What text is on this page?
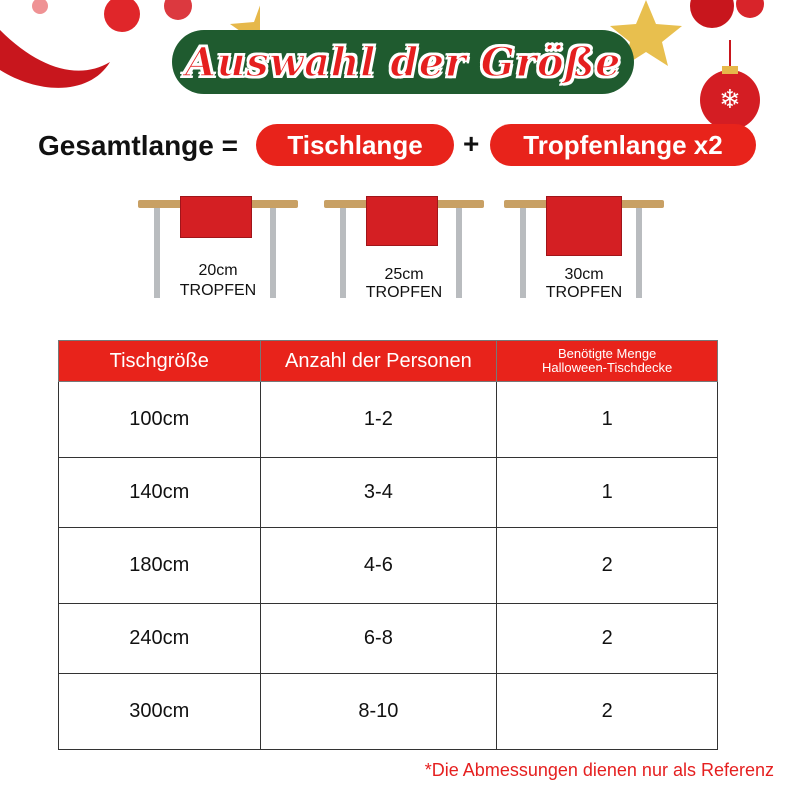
❄
Auswahl der Größe
Gesamtlange =	Tischlange	+	Tropfenlange x2
20cm
TROPFEN
25cm
TROPFEN
30cm
TROPFEN
Tischgröße	Anzahl der Personen	Benötigte Menge
Halloween-Tischdecke
100cm	1-2	1
140cm	3-4	1
180cm	4-6	2
240cm	6-8	2
300cm	8-10	2
*Die Abmessungen dienen nur als Referenz
